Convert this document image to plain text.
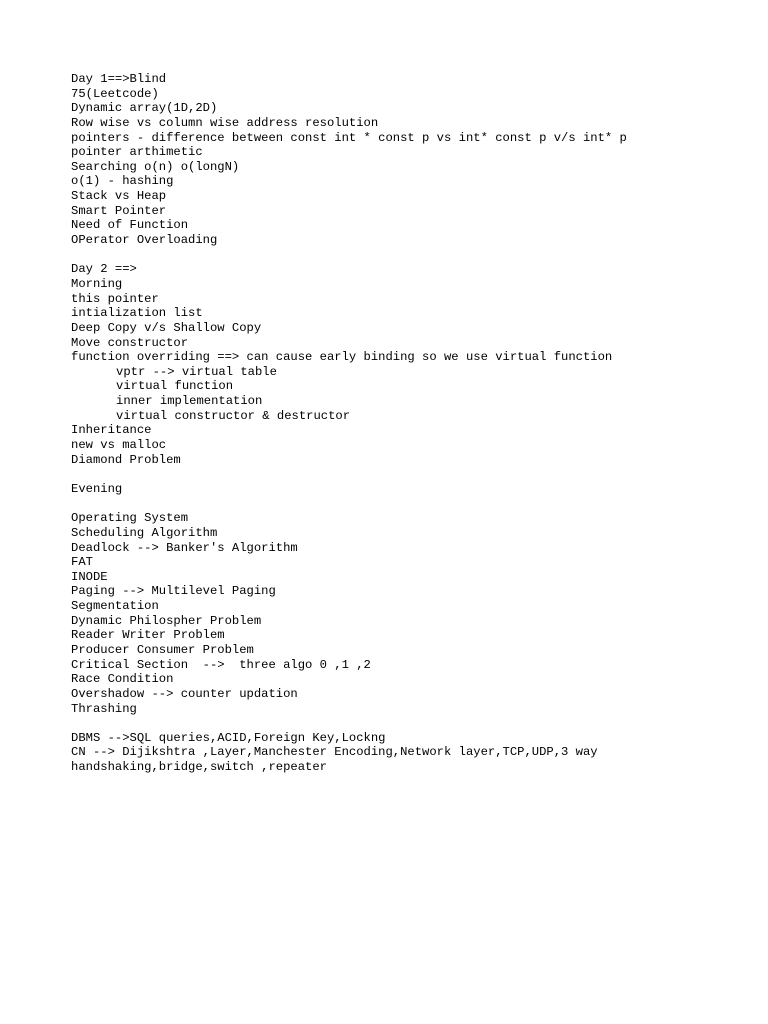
Day 1==>Blind
75(Leetcode)
Dynamic array(1D,2D)
Row wise vs column wise address resolution
pointers - difference between const int * const p vs int* const p v/s int* p
pointer arthimetic
Searching o(n) o(longN)
o(1) - hashing
Stack vs Heap
Smart Pointer
Need of Function
OPerator Overloading
Day 2 ==>
Morning
this pointer
intialization list
Deep Copy v/s Shallow Copy
Move constructor
function overriding ==> can cause early binding so we use virtual function
vptr --> virtual table
virtual function
inner implementation
virtual constructor & destructor
Inheritance
new vs malloc
Diamond Problem
Evening
Operating System
Scheduling Algorithm
Deadlock --> Banker's Algorithm
FAT
INODE
Paging --> Multilevel Paging
Segmentation
Dynamic Philospher Problem
Reader Writer Problem
Producer Consumer Problem
Critical Section  -->  three algo 0 ,1 ,2
Race Condition
Overshadow --> counter updation
Thrashing
DBMS -->SQL queries,ACID,Foreign Key,Lockng
CN --> Dijikshtra ,Layer,Manchester Encoding,Network layer,TCP,UDP,3 way
handshaking,bridge,switch ,repeater
